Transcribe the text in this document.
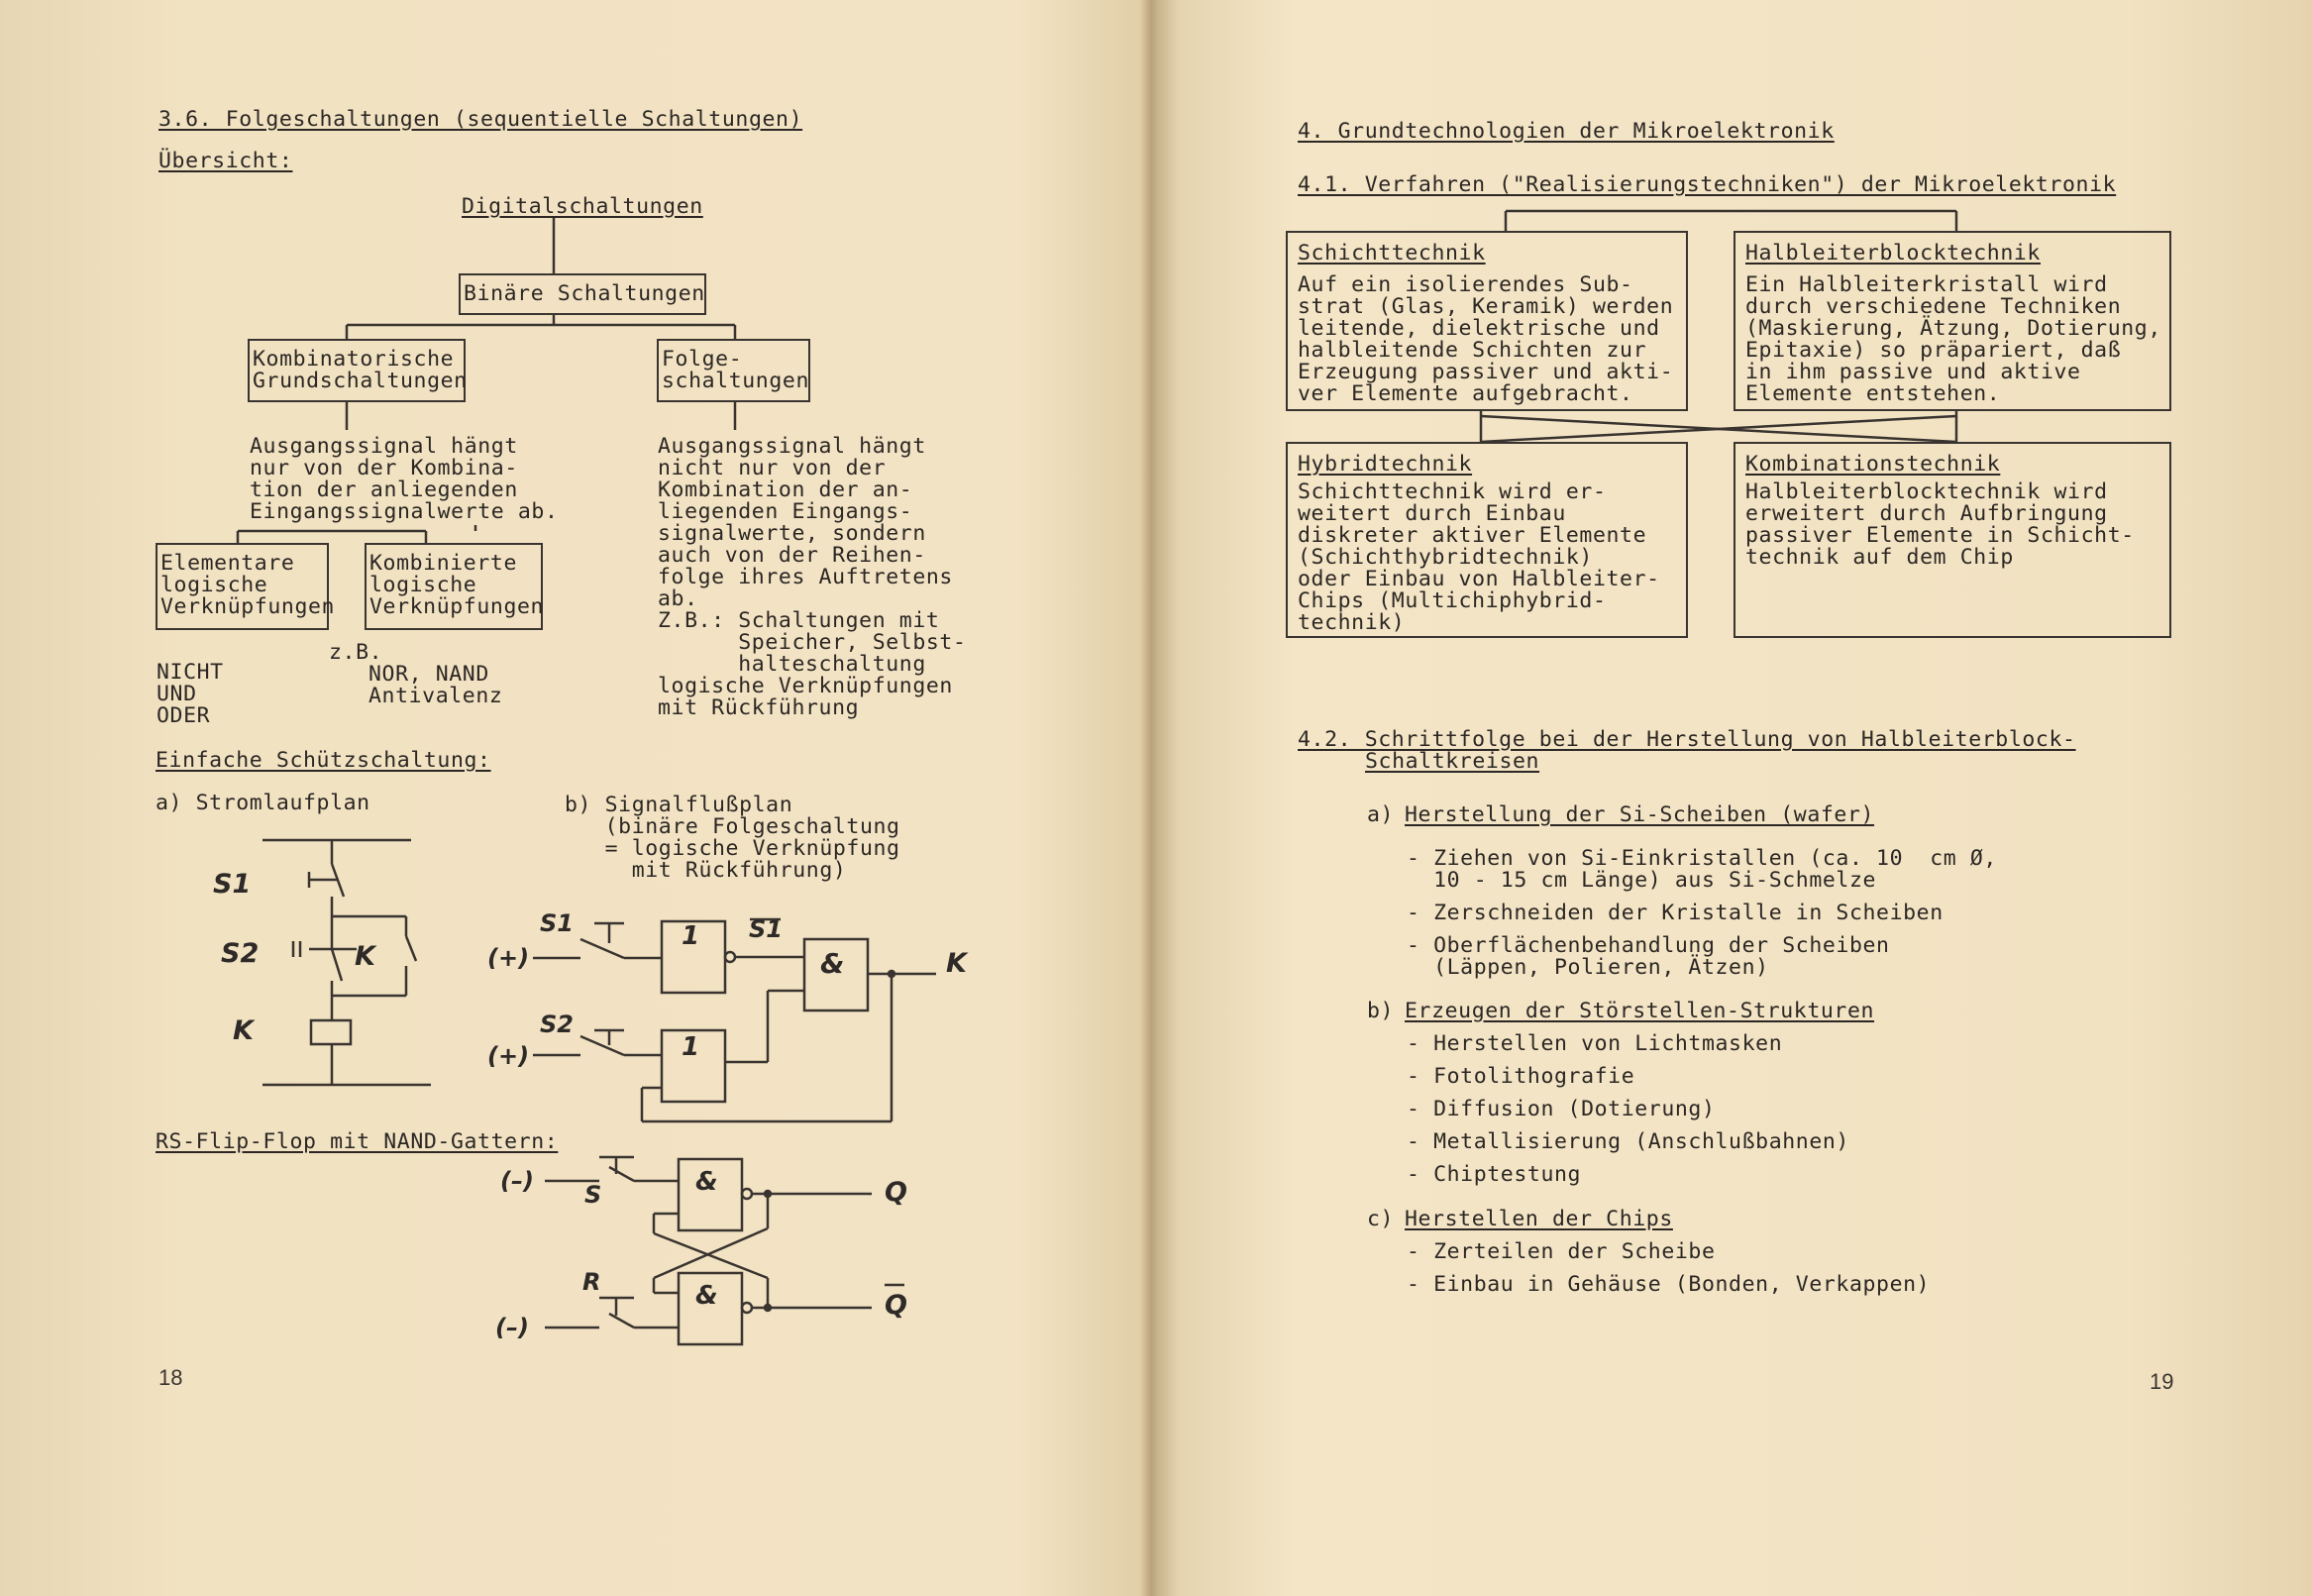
3.6. Folgeschaltungen (sequentielle Schaltungen)
Übersicht:
Digitalschaltungen
Binäre Schaltungen
Kombinatorische
Grundschaltungen
Folge-
schaltungen
Ausgangssignal hängt
nur von der Kombina-
tion der anliegenden
Eingangssignalwerte ab.
Ausgangssignal hängt
nicht nur von der
Kombination der an-
liegenden Eingangs-
signalwerte, sondern
auch von der Reihen-
folge ihres Auftretens
ab.
Z.B.: Schaltungen mit
Speicher, Selbst-
halteschaltung
logische Verknüpfungen
mit Rückführung
Elementare
logische
Verknüpfungen
Kombinierte
logische
Verknüpfungen
z.B.
NICHT
UND
ODER
NOR, NAND
Antivalenz
Einfache Schützschaltung:
a) Stromlaufplan	b) Signalflußplan
(binäre Folgeschaltung
= logische Verknüpfung
mit Rückführung)
S1
S2	K
K
S1
(+)
S2
(+)
1
1
&
S1
K
RS-Flip-Flop mit NAND-Gattern:
(–) S
R
(–)
&
&
Q
Q
18
4. Grundtechnologien der Mikroelektronik
4.1. Verfahren ("Realisierungstechniken") der Mikroelektronik
Schichttechnik
Auf ein isolierendes Sub-
strat (Glas, Keramik) werden
leitende, dielektrische und
halbleitende Schichten zur
Erzeugung passiver und akti-
ver Elemente aufgebracht.
Halbleiterblocktechnik
Ein Halbleiterkristall wird
durch verschiedene Techniken
(Maskierung, Ätzung, Dotierung,
Epitaxie) so präpariert, daß
in ihm passive und aktive
Elemente entstehen.
Hybridtechnik
Schichttechnik wird er-
weitert durch Einbau
diskreter aktiver Elemente
(Schichthybridtechnik)
oder Einbau von Halbleiter-
Chips (Multichiphybrid-
technik)
Kombinationstechnik
Halbleiterblocktechnik wird
erweitert durch Aufbringung
passiver Elemente in Schicht-
technik auf dem Chip
4.2. Schrittfolge bei der Herstellung von Halbleiterblock-
Schaltkreisen
a) Herstellung der Si-Scheiben (wafer)
- Ziehen von Si-Einkristallen (ca. 10  cm Ø,
10 - 15 cm Länge) aus Si-Schmelze
- Zerschneiden der Kristalle in Scheiben
- Oberflächenbehandlung der Scheiben
(Läppen, Polieren, Ätzen)
b) Erzeugen der Störstellen-Strukturen
- Herstellen von Lichtmasken
- Fotolithografie
- Diffusion (Dotierung)
- Metallisierung (Anschlußbahnen)
- Chiptestung
c) Herstellen der Chips
- Zerteilen der Scheibe
- Einbau in Gehäuse (Bonden, Verkappen)
19
